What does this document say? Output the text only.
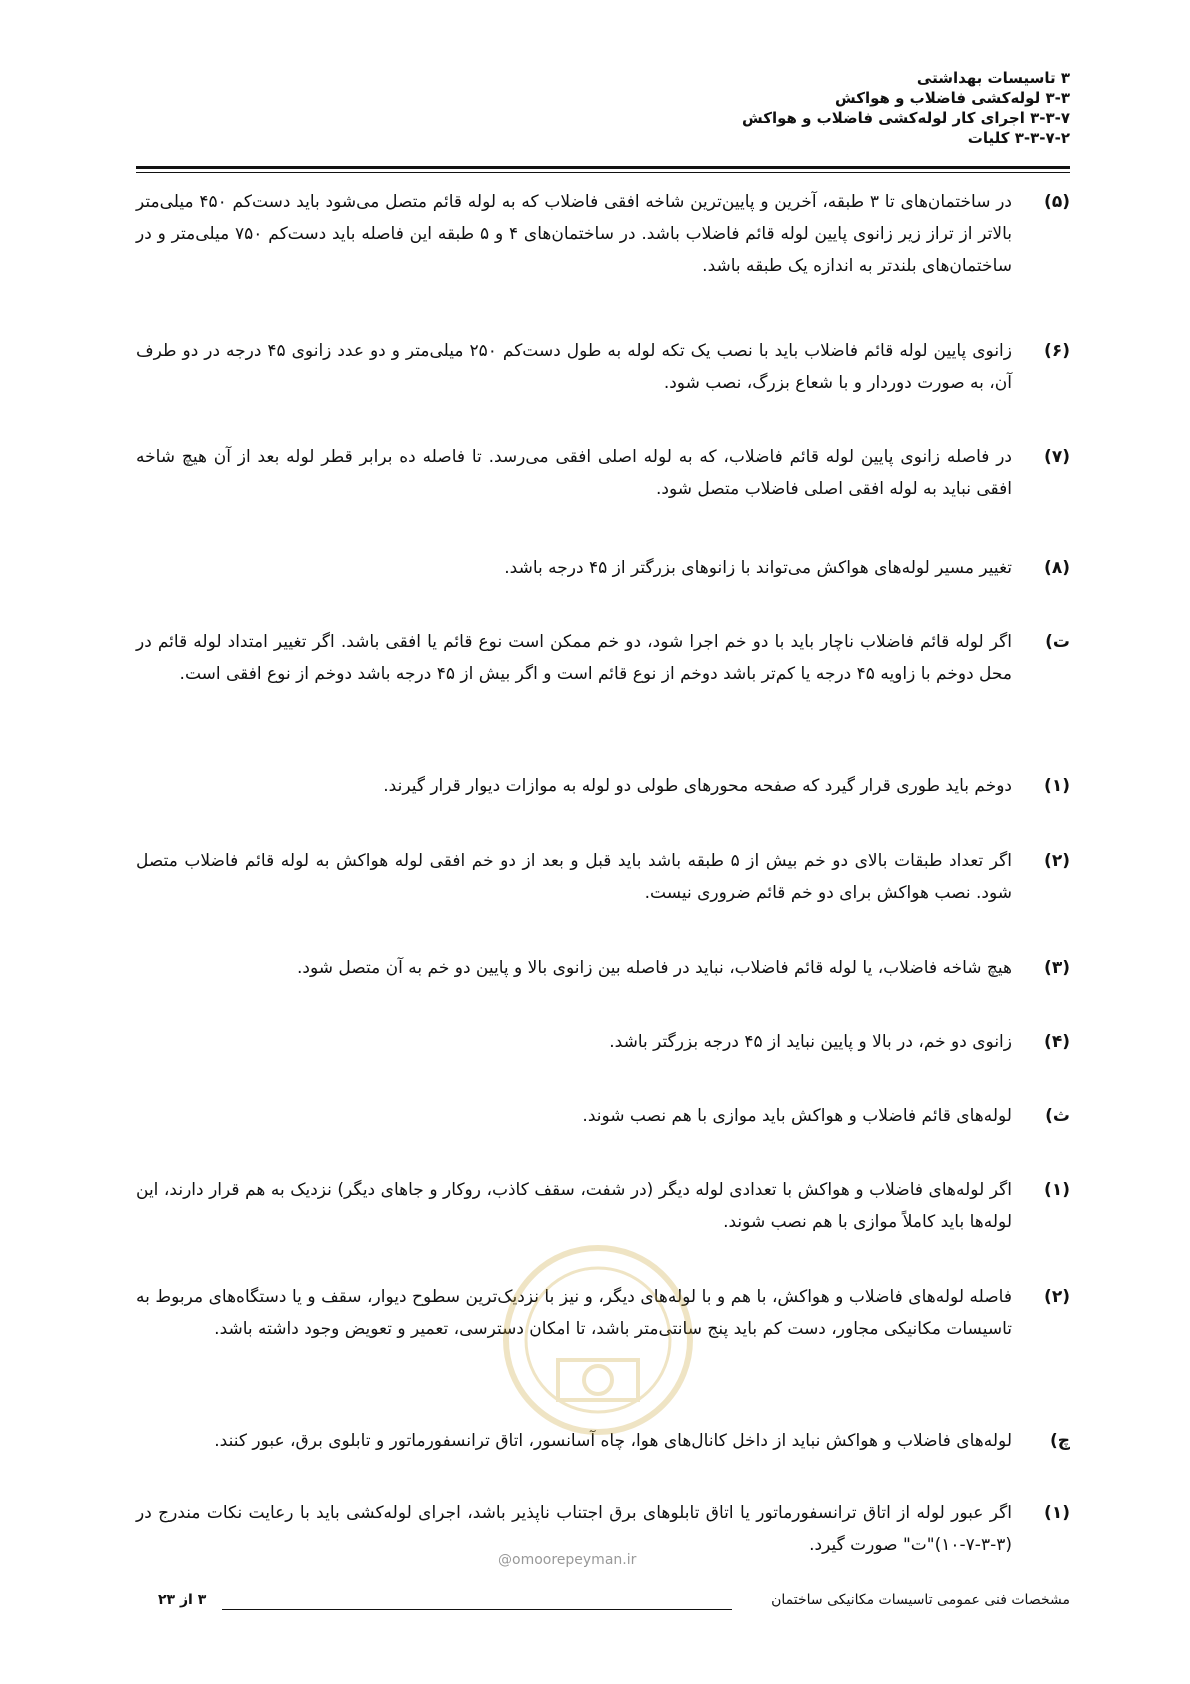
۳ تاسیسات بهداشتی
۳-۳ لوله‌کشی فاضلاب و هواکش
۳-۳-۷ اجرای کار لوله‌کشی فاضلاب و هواکش
۳-۳-۷-۲ کلیات
(۵)
در ساختمان‌های تا ۳ طبقه، آخرین و پایین‌ترین شاخه افقی فاضلاب که به لوله قائم متصل می‌شود باید دست‌کم ۴۵۰ میلی‌متر بالاتر از تراز زیر زانوی پایین لوله قائم فاضلاب باشد. در ساختمان‌های ۴ و ۵ طبقه این فاصله باید دست‌کم ۷۵۰ میلی‌متر و در ساختمان‌های بلندتر به اندازه یک طبقه باشد.
(۶)
زانوی پایین لوله قائم فاضلاب باید با نصب یک تکه لوله به طول دست‌کم ۲۵۰ میلی‌متر و دو عدد زانوی ۴۵ درجه در دو طرف آن، به صورت دوردار و با شعاع بزرگ، نصب شود.
(۷)
در فاصله زانوی پایین لوله قائم فاضلاب، که به لوله اصلی افقی می‌رسد. تا فاصله ده برابر قطر لوله بعد از آن هیچ شاخه افقی نباید به لوله افقی اصلی فاضلاب متصل شود.
(۸)
تغییر مسیر لوله‌های هواکش می‌تواند با زانوهای بزرگتر از ۴۵ درجه باشد.
ت)
اگر لوله قائم فاضلاب ناچار باید با دو خم اجرا شود، دو خم ممکن است نوع قائم یا افقی باشد. اگر تغییر امتداد لوله قائم در محل دوخم با زاویه ۴۵ درجه یا کم‌تر باشد دوخم از نوع قائم است و اگر بیش از ۴۵ درجه باشد دوخم از نوع افقی است.
(۱)
دوخم باید طوری قرار گیرد که صفحه محورهای طولی دو لوله به موازات دیوار قرار گیرند.
(۲)
اگر تعداد طبقات بالای دو خم بیش از ۵ طبقه باشد باید قبل و بعد از دو خم افقی لوله هواکش به لوله قائم فاضلاب متصل شود. نصب هواکش برای دو خم قائم ضروری نیست.
(۳)
هیچ شاخه فاضلاب، یا لوله قائم فاضلاب، نباید در فاصله بین زانوی بالا و پایین دو خم به آن متصل شود.
(۴)
زانوی دو خم، در بالا و پایین نباید از ۴۵ درجه بزرگتر باشد.
ث)
لوله‌های قائم فاضلاب و هواکش باید موازی با هم نصب شوند.
(۱)
اگر لوله‌های فاضلاب و هواکش با تعدادی لوله دیگر (در شفت، سقف کاذب، روکار و جاهای دیگر) نزدیک به هم قرار دارند، این لوله‌ها باید کاملاً موازی با هم نصب شوند.
(۲)
فاصله لوله‌های فاضلاب و هواکش، با هم و با لوله‌های دیگر، و نیز با نزدیک‌ترین سطوح دیوار، سقف و یا دستگاه‌های مربوط به تاسیسات مکانیکی مجاور، دست کم باید پنج سانتی‌متر باشد، تا امکان دسترسی، تعمیر و تعویض وجود داشته باشد.
چ)
لوله‌های فاضلاب و هواکش نباید از داخل کانال‌های هوا، چاه آسانسور، اتاق ترانسفورماتور و تابلوی برق، عبور کنند.
(۱)
اگر عبور لوله از اتاق ترانسفورماتور یا اتاق تابلوهای برق اجتناب ناپذیر باشد، اجرای لوله‌کشی باید با رعایت نکات مندرج در (۳-۳-۷-۱۰)"ت" صورت گیرد.
@omoorepeyman.ir
مشخصات فنی عمومی تاسیسات مکانیکی ساختمان
۳ از ۲۳
